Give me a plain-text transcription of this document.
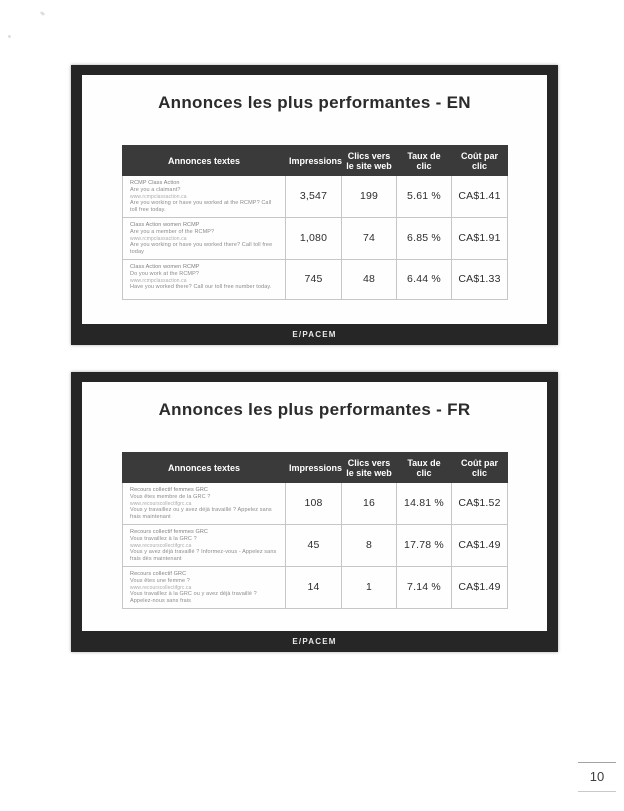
Annonces les plus performantes - EN
Annonces textes	Impressions	Clics vers le site web	Taux de clic	Coût par clic

RCMP Class Action
Are you a claimant?
www.rcmpclassaction.ca
Are you working or have you worked at the RCMP? Call toll free today.	3,547	199	5.61 %	CA$1.41

Class Action women RCMP
Are you a member of the RCMP?
www.rcmpclassaction.ca
Are you working or have you worked there? Call toll free today	1,080	74	6.85 %	CA$1.91

Class Action women RCMP
Do you work at the RCMP?
www.rcmpclassaction.ca
Have you worked there? Call our toll free number today.	745	48	6.44 %	CA$1.33
E/PACEM
Annonces les plus performantes - FR
Annonces textes	Impressions	Clics vers le site web	Taux de clic	Coût par clic

Recours collectif femmes GRC
Vous êtes membre de la GRC ?
www.recourscollectifgrc.ca
Vous y travaillez ou y avez déjà travaillé ? Appelez sans frais maintenant	108	16	14.81 %	CA$1.52

Recours collectif femmes GRC
Vous travaillez à la GRC ?
www.recourscollectifgrc.ca
Vous y avez déjà travaillé ? Informez-vous - Appelez sans frais dès maintenant	45	8	17.78 %	CA$1.49

Recours collectif GRC
Vous êtes une femme ?
www.recourscollectifgrc.ca
Vous travaillez à la GRC ou y avez déjà travaillé ? Appelez-nous sans frais	14	1	7.14 %	CA$1.49
E/PACEM
10
